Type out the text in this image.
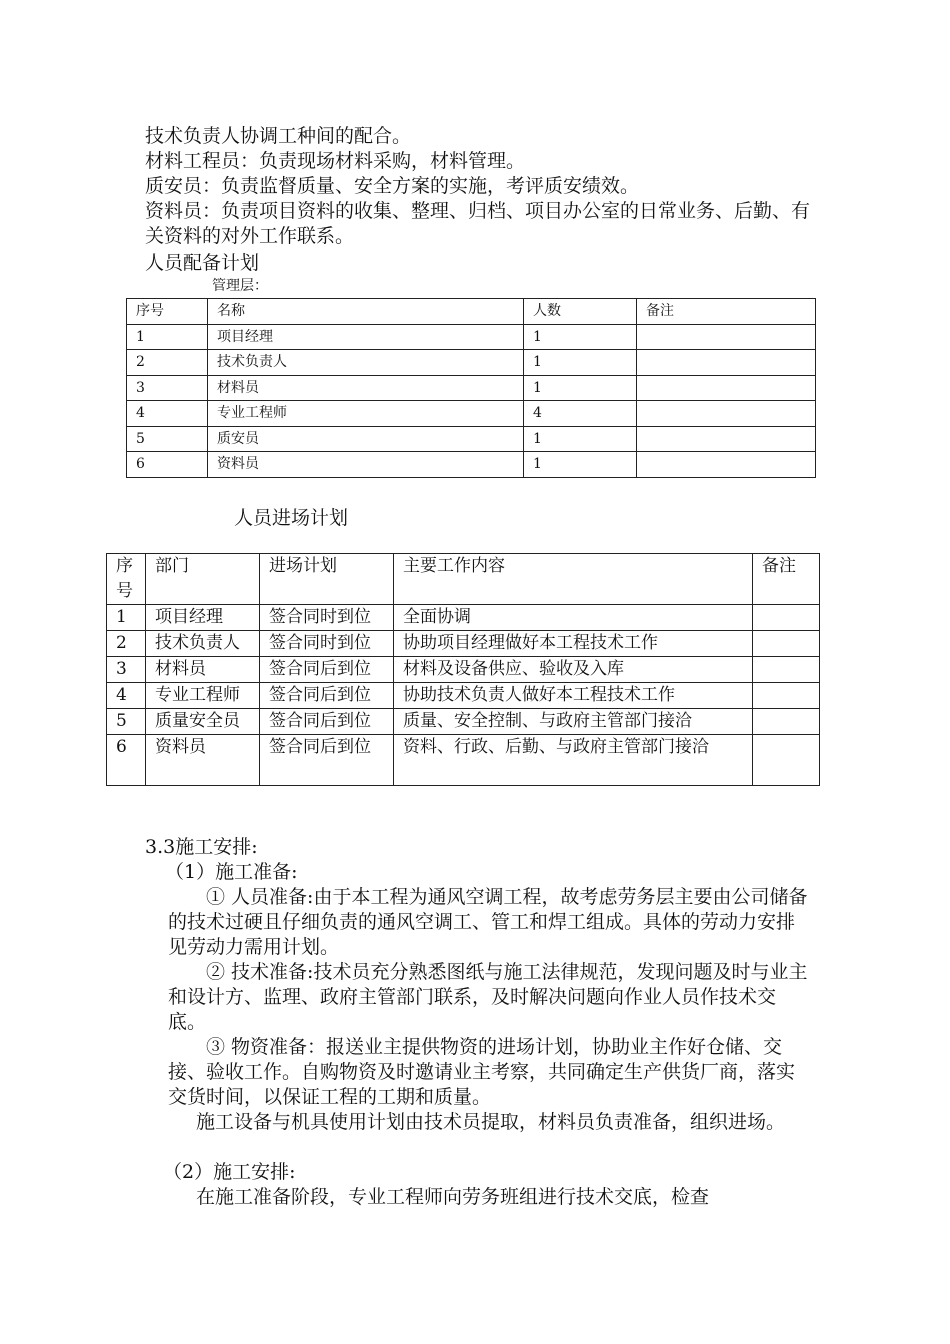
技术负责人协调工种间的配合。

材料工程员：负责现场材料采购，材料管理。

质安员：负责监督质量、安全方案的实施，考评质安绩效。

资料员：负责项目资料的收集、整理、归档、项目办公室的日常业务、后勤、有关资料的对外工作联系。

人员配备计划

管理层：

序号	名称	人数	备注
1	项目经理	1	
2	技术负责人	1	
3	材料员	1	
4	专业工程师	4	
5	质安员	1	
6	资料员	1	

人员进场计划

序号	部门	进场计划	主要工作内容	备注
1	项目经理	签合同时到位	全面协调	
2	技术负责人	签合同时到位	协助项目经理做好本工程技术工作	
3	材料员	签合同后到位	材料及设备供应、验收及入库	
4	专业工程师	签合同后到位	协助技术负责人做好本工程技术工作	
5	质量安全员	签合同后到位	质量、安全控制、与政府主管部门接洽	
6	资料员	签合同后到位	资料、行政、后勤、与政府主管部门接洽	

3.3施工安排:

（1）施工准备:

① 人员准备:由于本工程为通风空调工程，故考虑劳务层主要由公司储备的技术过硬且仔细负责的通风空调工、管工和焊工组成。具体的劳动力安排见劳动力需用计划。

② 技术准备:技术员充分熟悉图纸与施工法律规范，发现问题及时与业主和设计方、监理、政府主管部门联系，及时解决问题向作业人员作技术交底。

③ 物资准备：报送业主提供物资的进场计划，协助业主作好仓储、交接、验收工作。自购物资及时邀请业主考察，共同确定生产供货厂商，落实交货时间，以保证工程的工期和质量。

施工设备与机具使用计划由技术员提取，材料员负责准备，组织进场。

（2）施工安排:

在施工准备阶段，专业工程师向劳务班组进行技术交底，检查
